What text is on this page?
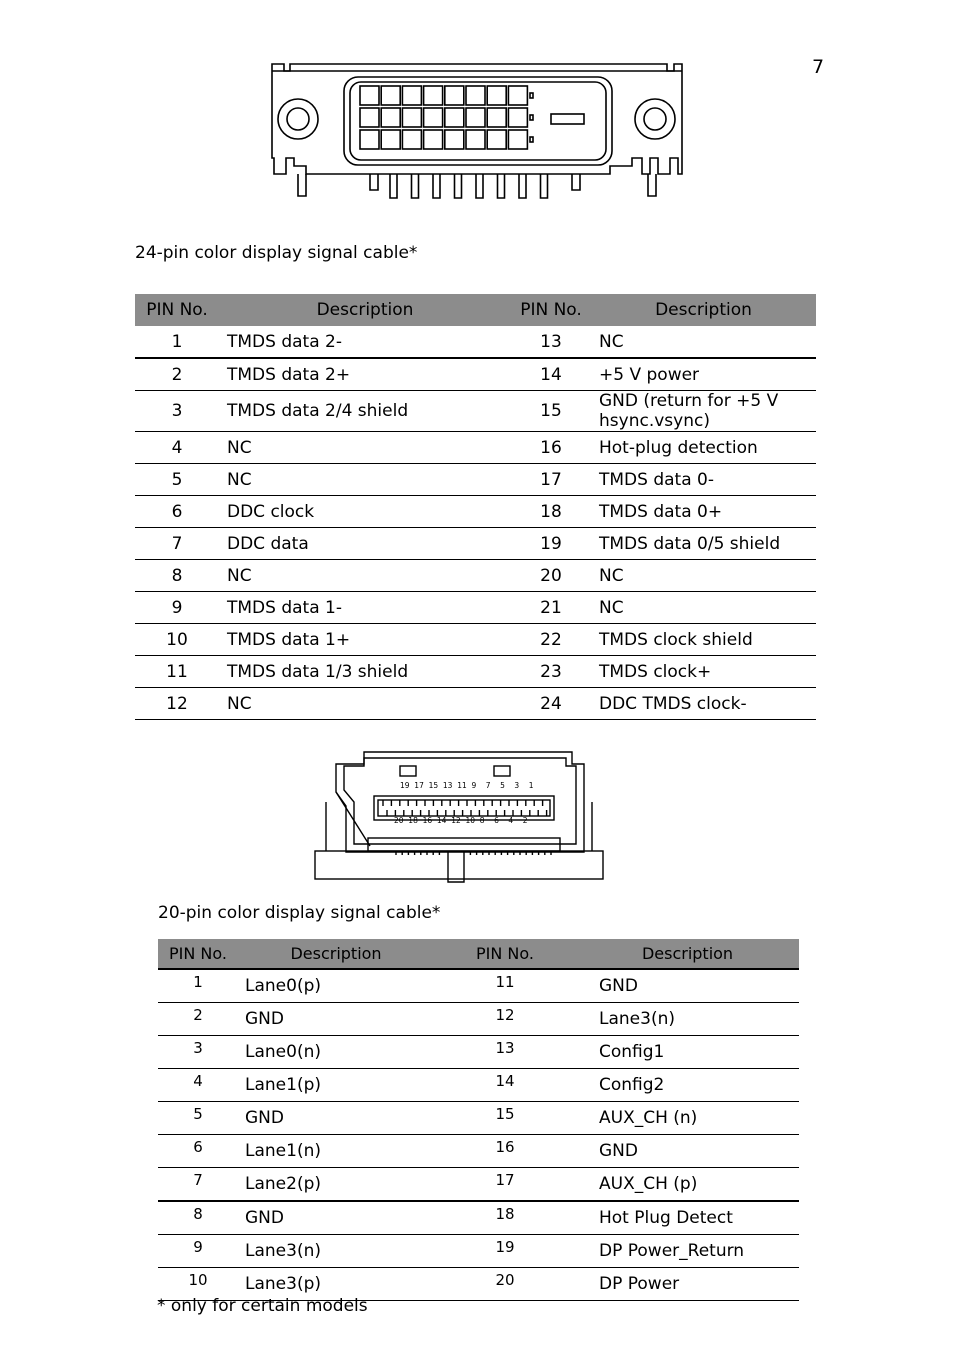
7
24-pin color display signal cable*
PIN No.	Description	PIN No.	Description
1	TMDS data 2-	13	NC
2	TMDS data 2+	14	+5 V power
3	TMDS data 2/4 shield	15	GND (return for +5 V hsync.vsync)
4	NC	16	Hot-plug detection
5	NC	17	TMDS data 0-
6	DDC clock	18	TMDS data 0+
7	DDC data	19	TMDS data 0/5 shield
8	NC	20	NC
9	TMDS data 1-	21	NC
10	TMDS data 1+	22	TMDS clock shield
11	TMDS data 1/3 shield	23	TMDS clock+
12	NC	24	DDC TMDS clock-
19 17 15 13 11 9 7 5 3 1
20 18 16 14 12 10 8 6 4 2
20-pin color display signal cable*
PIN No.	Description	PIN No.	Description
1	Lane0(p)	11	GND
2	GND	12	Lane3(n)
3	Lane0(n)	13	Config1
4	Lane1(p)	14	Config2
5	GND	15	AUX_CH (n)
6	Lane1(n)	16	GND
7	Lane2(p)	17	AUX_CH (p)
8	GND	18	Hot Plug Detect
9	Lane3(n)	19	DP Power_Return
10	Lane3(p)	20	DP Power
* only for certain models
